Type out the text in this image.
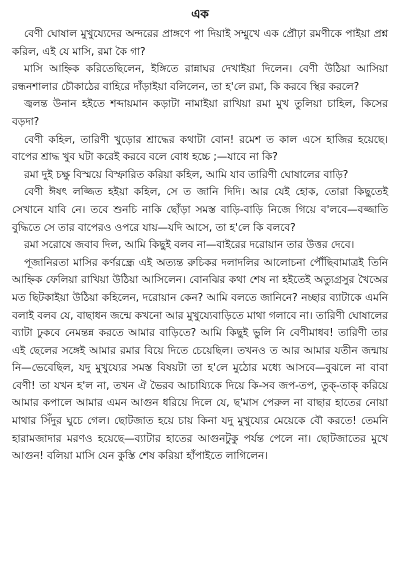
এক

বেণী ঘোষাল মুখুয্যেদের অন্দরের প্রাঙ্গণে পা দিয়াই সম্মুখে এক প্রৌঢ়া রমণীকে পাইয়া প্রশ্ন করিল, এই যে মাসি, রমা কৈ গা?

মাসি আহ্নিক করিতেছিলেন, ইঙ্গিতে রান্নাঘর দেখাইয়া দিলেন। বেণী উঠিয়া আসিয়া রন্ধনশালার চৌকাঠের বাহিরে দাঁড়াইয়া বলিলেন, তা হ'লে রমা, কি করবে স্থির করলে?

জ্বলন্ত উনান হইতে শব্দায়মান কড়াটা নামাইয়া রাখিয়া রমা মুখ তুলিয়া চাহিল, কিসের বড়দা?

বেণী কহিল, তারিণী খুড়োর শ্রাদ্ধের কথাটা বোন! রমেশ ত কাল এসে হাজির হয়েছে। বাপের শ্রাদ্ধ খুব ঘটা করেই করবে বলে বোধ হচ্চে ;—যাবে না কি?

রমা দুই চক্ষু বিস্ময়ে বিস্ফারিত করিয়া কহিল, আমি যাব তারিণী ঘোষালের বাড়ি?

বেণী ঈষৎ লজ্জিত হইয়া কহিল, সে ত জানি দিদি। আর যেই হোক, তোরা কিছুতেই সেখানে যাবি নে। তবে শুনচি নাকি ছোঁড়া সমস্ত বাড়ি-বাড়ি নিজে গিয়ে ব'লবে—বজ্জাতি বুদ্ধিতে সে তার বাপেরও ওপরে যায়—যদি আসে, তা হ'লে কি বলবে?

রমা সরোষে জবাব দিল, আমি কিছুই বলব না—বাইরের দরোয়ান তার উত্তর দেবে।

পূজানিরতা মাসির কর্ণরন্ধ্রে এই অত্যন্ত রুচিকর দলাদলির আলোচনা পৌঁছিবামাত্রই তিনি আহ্নিক ফেলিয়া রাখিয়া উঠিয়া আসিলেন। বোনঝির কথা শেষ না হইতেই অত্যুগ্রসুর খৈঅের মত ছিটকাইয়া উঠিয়া কহিলেন, দরোয়ান কেন? আমি বলতে জানিনে? নচ্ছার ব্যাটাকে এমনি বলাই বলব যে, বাছাধন জন্মে কখনো আর মুখুয্যেবাড়িতে মাথা গলাবে না। তারিণী ঘোষালের ব্যাটা ঢুকবে নেমন্তন্ন করতে আমার বাড়িতে? আমি কিছুই ভুলি নি বেণীমাধব! তারিণী তার এই ছেলের সঙ্গেই আমার রমার বিয়ে দিতে চেয়েছিল। তখনও ত আর আমার যতীন জন্মায় নি—ভেবেছিল, যদু মুখুয্যের সমস্ত বিষয়টা তা হ'লে মুঠোর মধ্যে আসবে—বুঝলে না বাবা বেণী! তা যখন হ'ল না, তখন ঐ ভৈরব আচায্যিকে দিয়ে কি-সব জপ-তপ, তুক্-তাক্ করিয়ে আমার কপালে আমার এমন আগুন ধরিয়ে দিলে যে, ছ'মাস পেরুল না বাছার হাতের নোয়া মাথার সিঁদুর ঘুচে গেল। ছোটজাত হয়ে চায় কিনা যদু মুখুয্যের মেয়েকে বৌ করতে! তেমনি হারামজাদার মরণও হয়েছে—ব্যাটার হাতের আগুনটুকু পর্যন্ত পেলে না। ছোটজাতের মুখে আগুন! বলিয়া মাসি যেন কুস্তি শেষ করিয়া হাঁপাইতে লাগিলেন।
